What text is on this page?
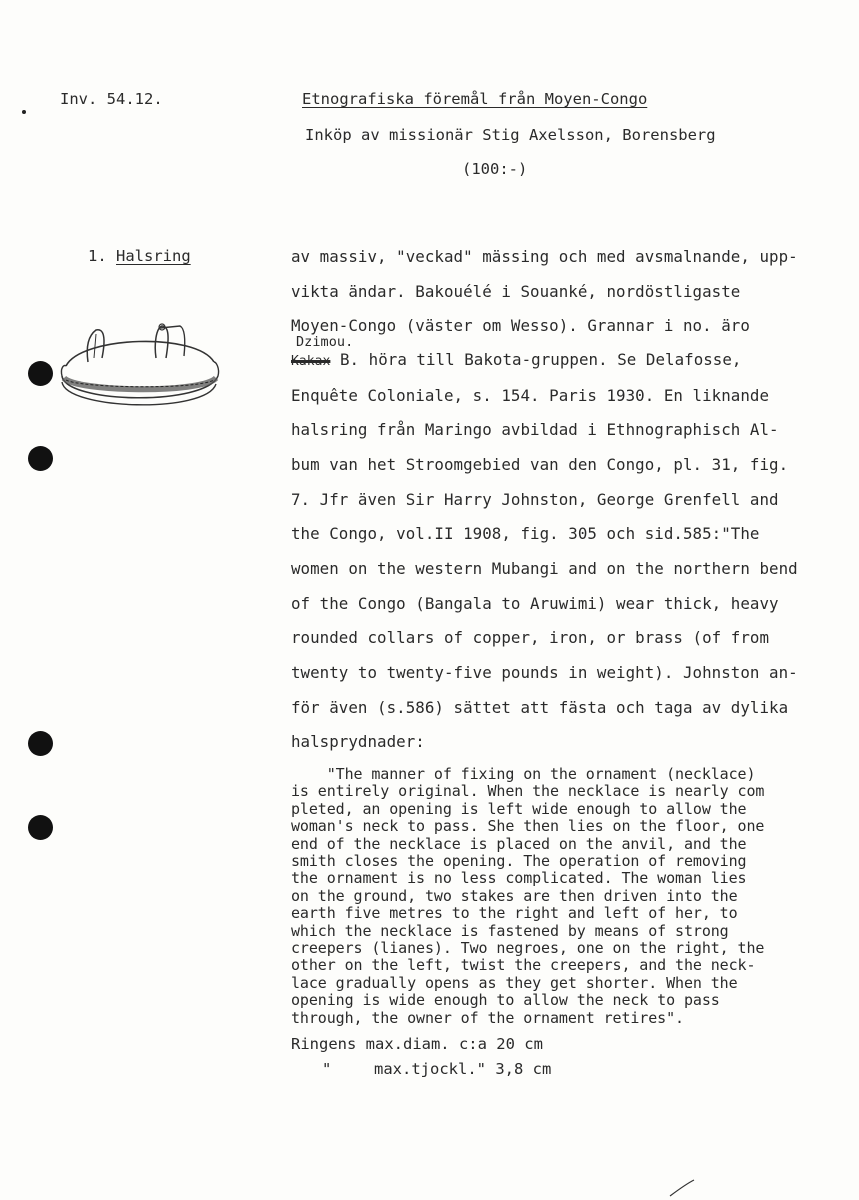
Inv. 54.12.	Etnografiska föremål från Moyen-Congo
Inköp av missionär Stig Axelsson, Borensberg
(100:-)
1. Halsring	av massiv, "veckad" mässing och med avsmalnande, upp-
vikta ändar. Bakouélé i Souanké, nordöstligaste
Moyen-Congo (väster om Wesso). Grannar i no. äro
Dzimou.
Kakax B. höra till Bakota-gruppen. Se Delafosse,
Enquête Coloniale, s. 154. Paris 1930. En liknande
halsring från Maringo avbildad i Ethnographisch Al-
bum van het Stroomgebied van den Congo, pl. 31, fig.
7. Jfr även Sir Harry Johnston, George Grenfell and
the Congo, vol.II 1908, fig. 305 och sid.585:"The
women on the western Mubangi and on the northern bend
of the Congo (Bangala to Aruwimi) wear thick, heavy
rounded collars of copper, iron, or brass (of from
twenty to twenty-five pounds in weight). Johnston an-
för även (s.586) sättet att fästa och taga av dylika
halsprydnader:
"The manner of fixing on the ornament (necklace)
is entirely original. When the necklace is nearly com
pleted, an opening is left wide enough to allow the
woman's neck to pass. She then lies on the floor, one
end of the necklace is placed on the anvil, and the
smith closes the opening. The operation of removing
the ornament is no less complicated. The woman lies
on the ground, two stakes are then driven into the
earth five metres to the right and left of her, to
which the necklace is fastened by means of strong
creepers (lianes). Two negroes, one on the right, the
other on the left, twist the creepers, and the neck-
lace gradually opens as they get shorter. When the
opening is wide enough to allow the neck to pass
through, the owner of the ornament retires".
Ringens max.diam. c:a 20 cm
"	max.tjockl." 3,8 cm
